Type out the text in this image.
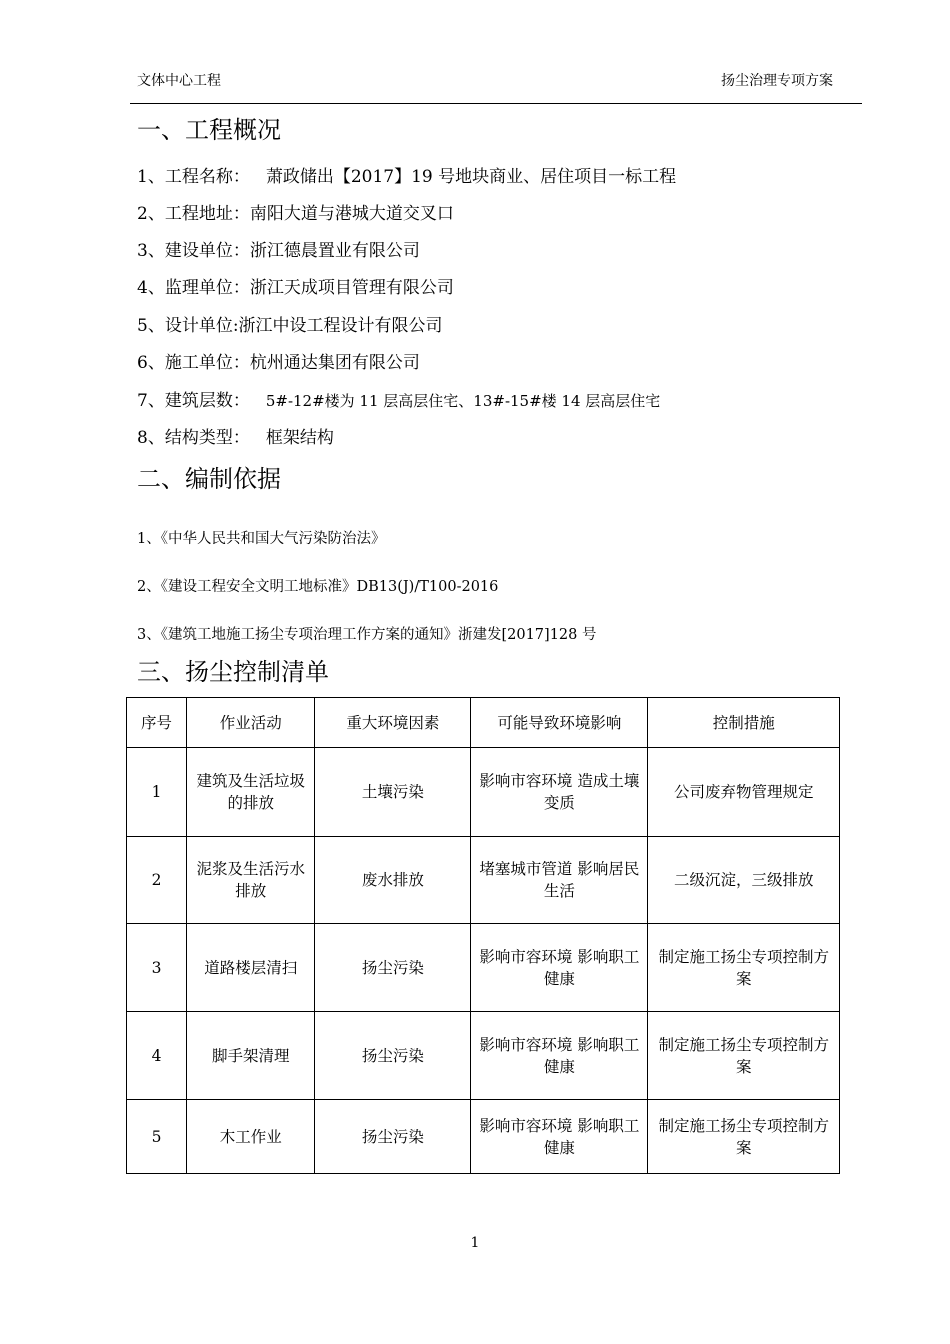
文体中心工程	扬尘治理专项方案
一、工程概况
1、工程名称： 萧政储出【2017】19 号地块商业、居住项目一标工程
2、工程地址：南阳大道与港城大道交叉口
3、建设单位：浙江德晨置业有限公司
4、监理单位：浙江天成项目管理有限公司
5、设计单位:浙江中设工程设计有限公司
6、施工单位：杭州通达集团有限公司
7、建筑层数： 5#-12#楼为 11 层高层住宅、13#-15#楼 14 层高层住宅
8、结构类型： 框架结构
二、编制依据
1、《中华人民共和国大气污染防治法》
2、《建设工程安全文明工地标准》DB13(J)/T100-2016
3、《建筑工地施工扬尘专项治理工作方案的通知》浙建发[2017]128 号
三、扬尘控制清单
序号	作业活动	重大环境因素	可能导致环境影响	控制措施
1	建筑及生活垃圾的排放	土壤污染	影响市容环境 造成土壤变质	公司废弃物管理规定
2	泥浆及生活污水排放	废水排放	堵塞城市管道 影响居民生活	二级沉淀，三级排放
3	道路楼层清扫	扬尘污染	影响市容环境 影响职工健康	制定施工扬尘专项控制方案
4	脚手架清理	扬尘污染	影响市容环境 影响职工健康	制定施工扬尘专项控制方案
5	木工作业	扬尘污染	影响市容环境 影响职工健康	制定施工扬尘专项控制方案
1
